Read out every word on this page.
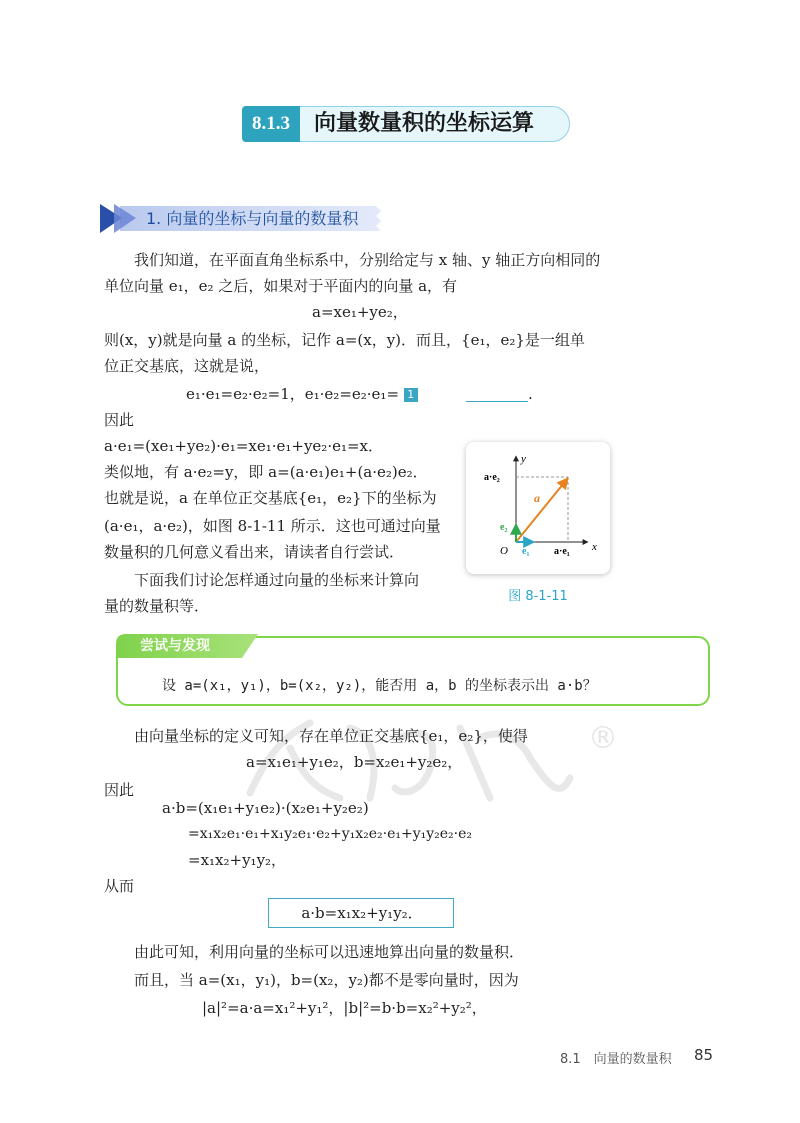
8.1.3	向量数量积的坐标运算
1. 向量的坐标与向量的数量积
我们知道，在平面直角坐标系中，分别给定与 x 轴、y 轴正方向相同的
单位向量 e₁，e₂ 之后，如果对于平面内的向量 a，有
a=xe₁+ye₂，
则(x，y)就是向量 a 的坐标，记作 a=(x，y)．而且，{e₁，e₂}是一组单
位正交基底，这就是说，
e₁·e₁=e₂·e₂=1，e₁·e₂=e₂·e₁= 1	.
因此
a·e₁=(xe₁+ye₂)·e₁=xe₁·e₁+ye₂·e₁=x．
类似地，有 a·e₂=y，即 a=(a·e₁)e₁+(a·e₂)e₂．
也就是说，a 在单位正交基底{e₁，e₂}下的坐标为
(a·e₁，a·e₂)，如图 8-1-11 所示．这也可通过向量
数量积的几何意义看出来，请读者自行尝试．
下面我们讨论怎样通过向量的坐标来计算向
量的数量积等．
y
x
O
a·e₂
a·e₁
a
e₁
e₂
图 8-1-11
尝试与发现
设 a=(x₁，y₁)，b=(x₂，y₂)，能否用 a，b 的坐标表示出 a·b？
®
由向量坐标的定义可知，存在单位正交基底{e₁，e₂}，使得
a=x₁e₁+y₁e₂，b=x₂e₁+y₂e₂，
因此
a·b=(x₁e₁+y₁e₂)·(x₂e₁+y₂e₂)
=x₁x₂e₁·e₁+x₁y₂e₁·e₂+y₁x₂e₂·e₁+y₁y₂e₂·e₂
=x₁x₂+y₁y₂，
从而
a·b=x₁x₂+y₁y₂．
由此可知，利用向量的坐标可以迅速地算出向量的数量积．
而且，当 a=(x₁，y₁)，b=(x₂，y₂)都不是零向量时，因为
|a|²=a·a=x₁²+y₁²，|b|²=b·b=x₂²+y₂²，
8.1　向量的数量积 85
